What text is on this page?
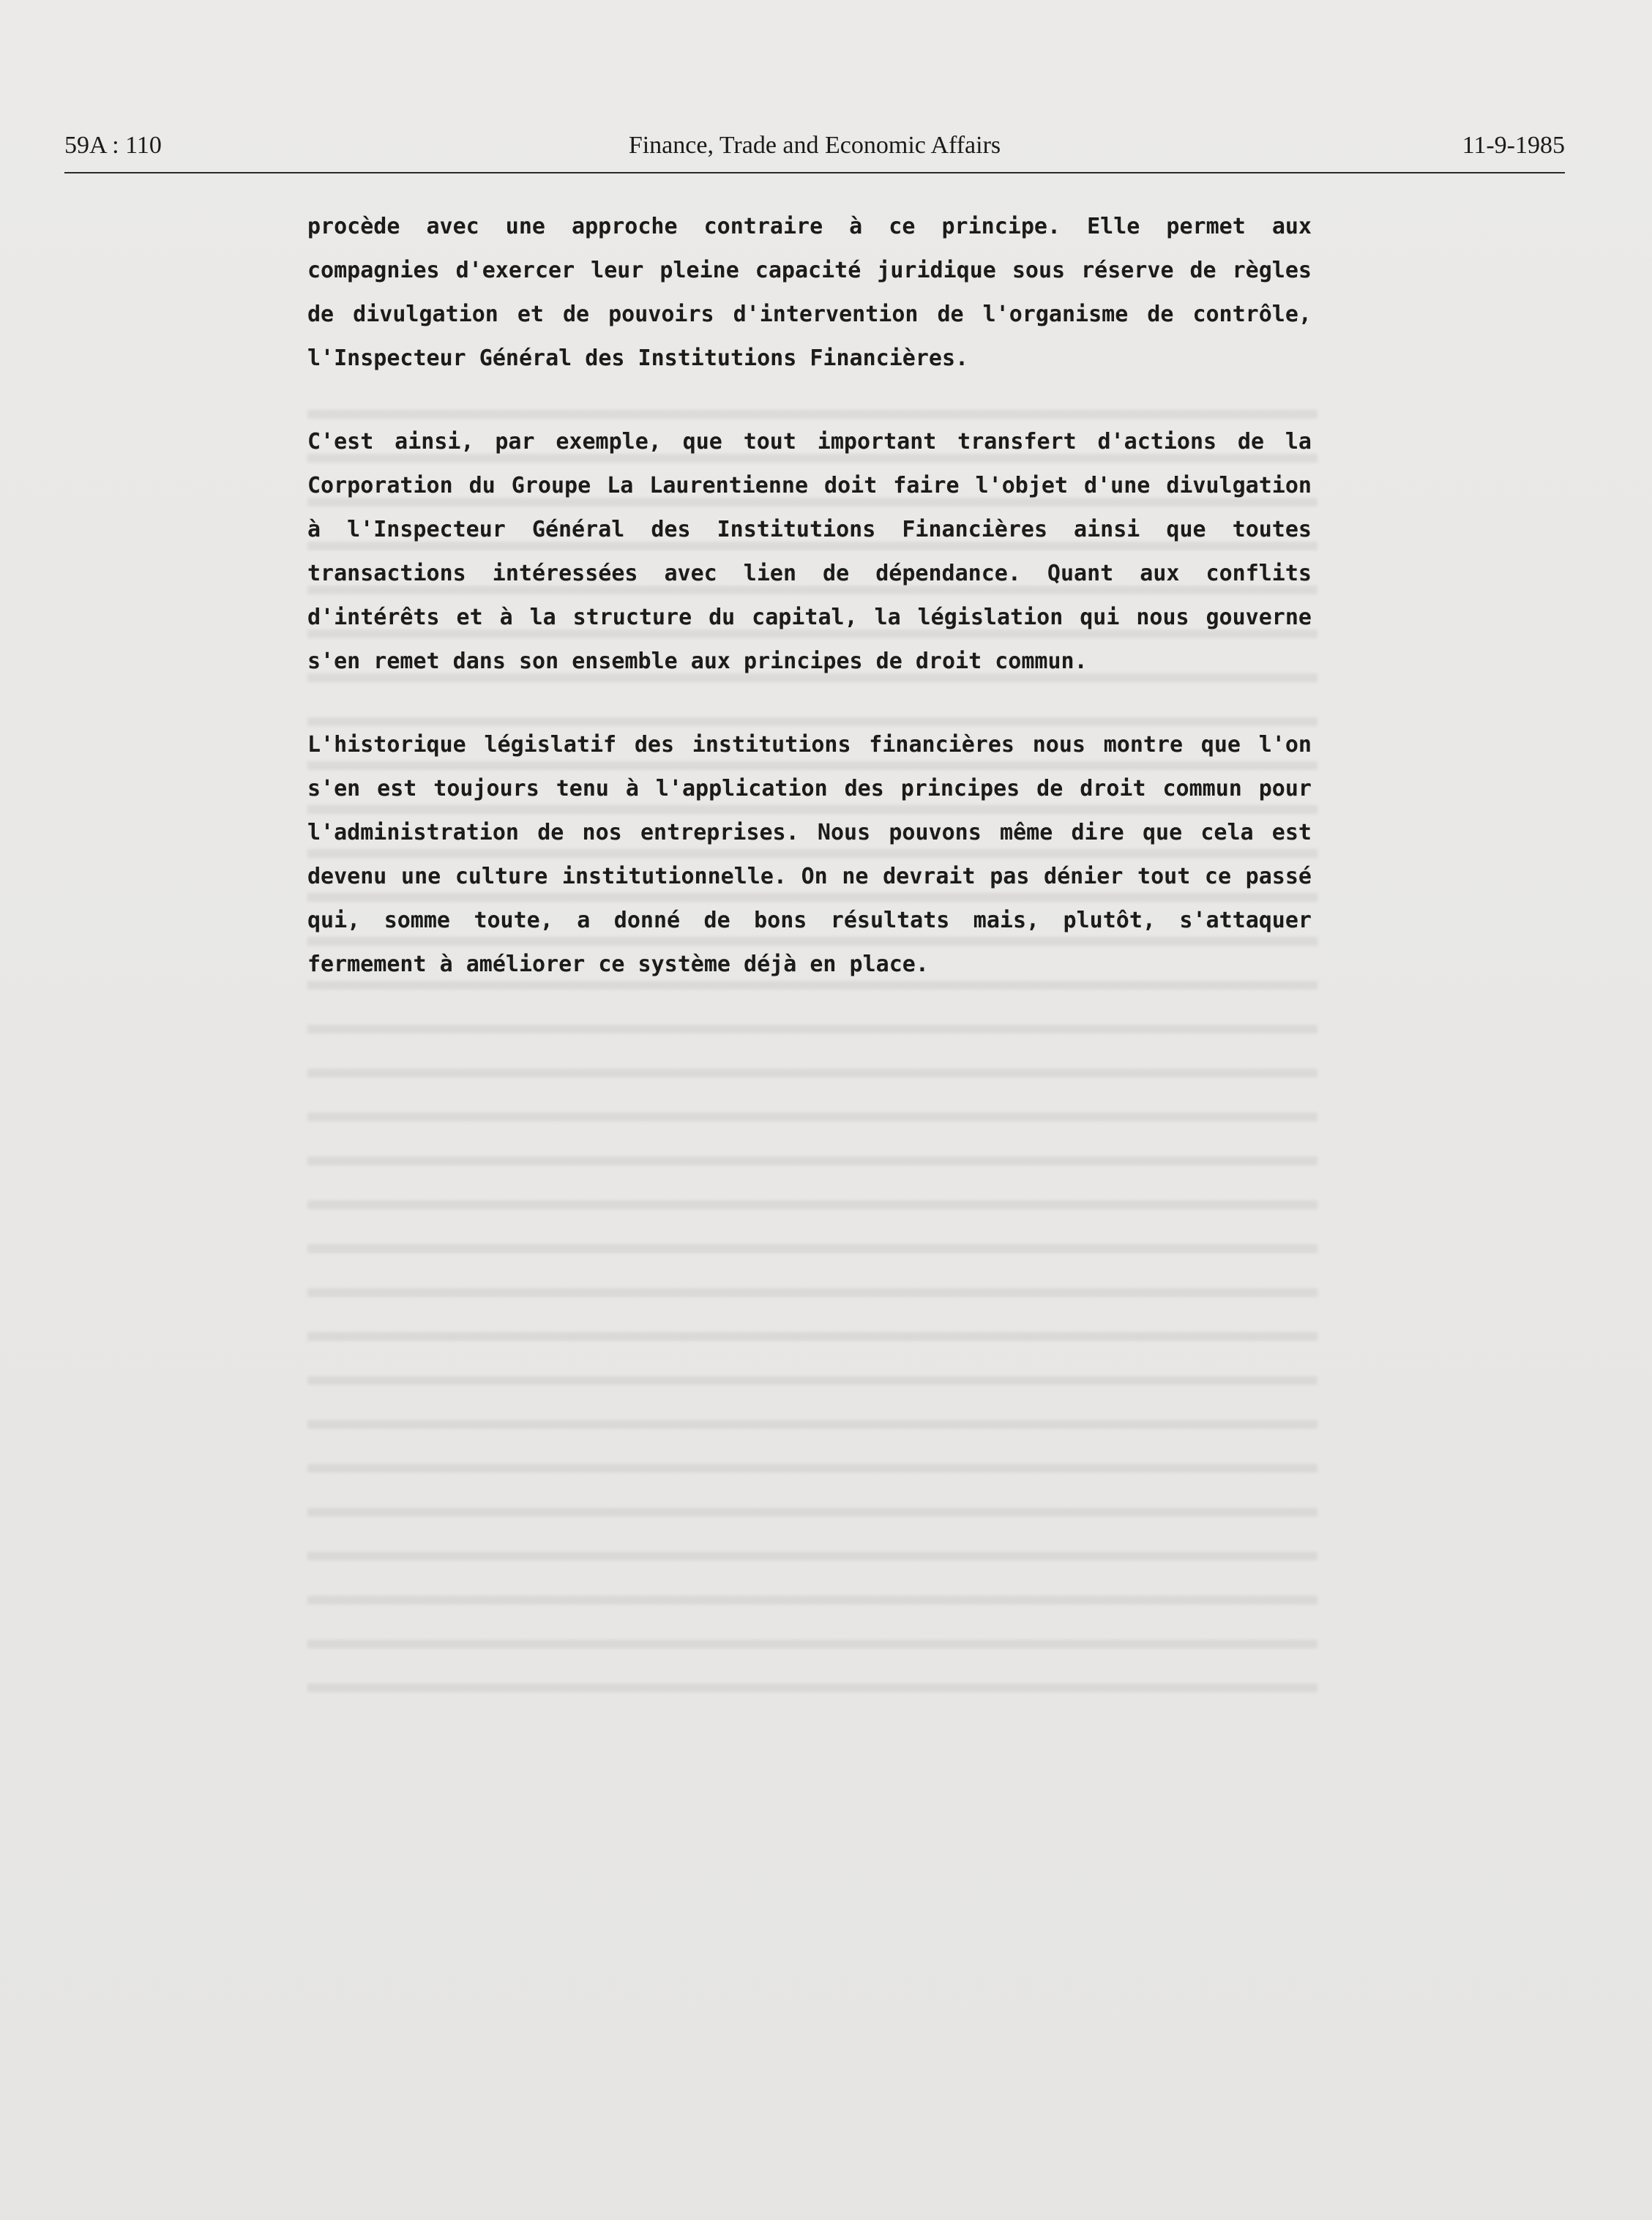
59A : 110	Finance, Trade and Economic Affairs	11-9-1985

procède avec une approche contraire à ce principe. Elle permet aux compagnies d'exercer leur pleine capacité juridique sous réserve de règles de divulgation et de pouvoirs d'intervention de l'organisme de contrôle, l'Inspecteur Général des Institutions Financières.

C'est ainsi, par exemple, que tout important transfert d'actions de la Corporation du Groupe La Laurentienne doit faire l'objet d'une divulgation à l'Inspecteur Général des Institutions Financières ainsi que toutes transactions intéressées avec lien de dépendance. Quant aux conflits d'intérêts et à la structure du capital, la législation qui nous gouverne s'en remet dans son ensemble aux principes de droit commun.

L'historique législatif des institutions financières nous montre que l'on s'en est toujours tenu à l'application des principes de droit commun pour l'administration de nos entreprises. Nous pouvons même dire que cela est devenu une culture institutionnelle. On ne devrait pas dénier tout ce passé qui, somme toute, a donné de bons résultats mais, plutôt, s'attaquer fermement à améliorer ce système déjà en place.
